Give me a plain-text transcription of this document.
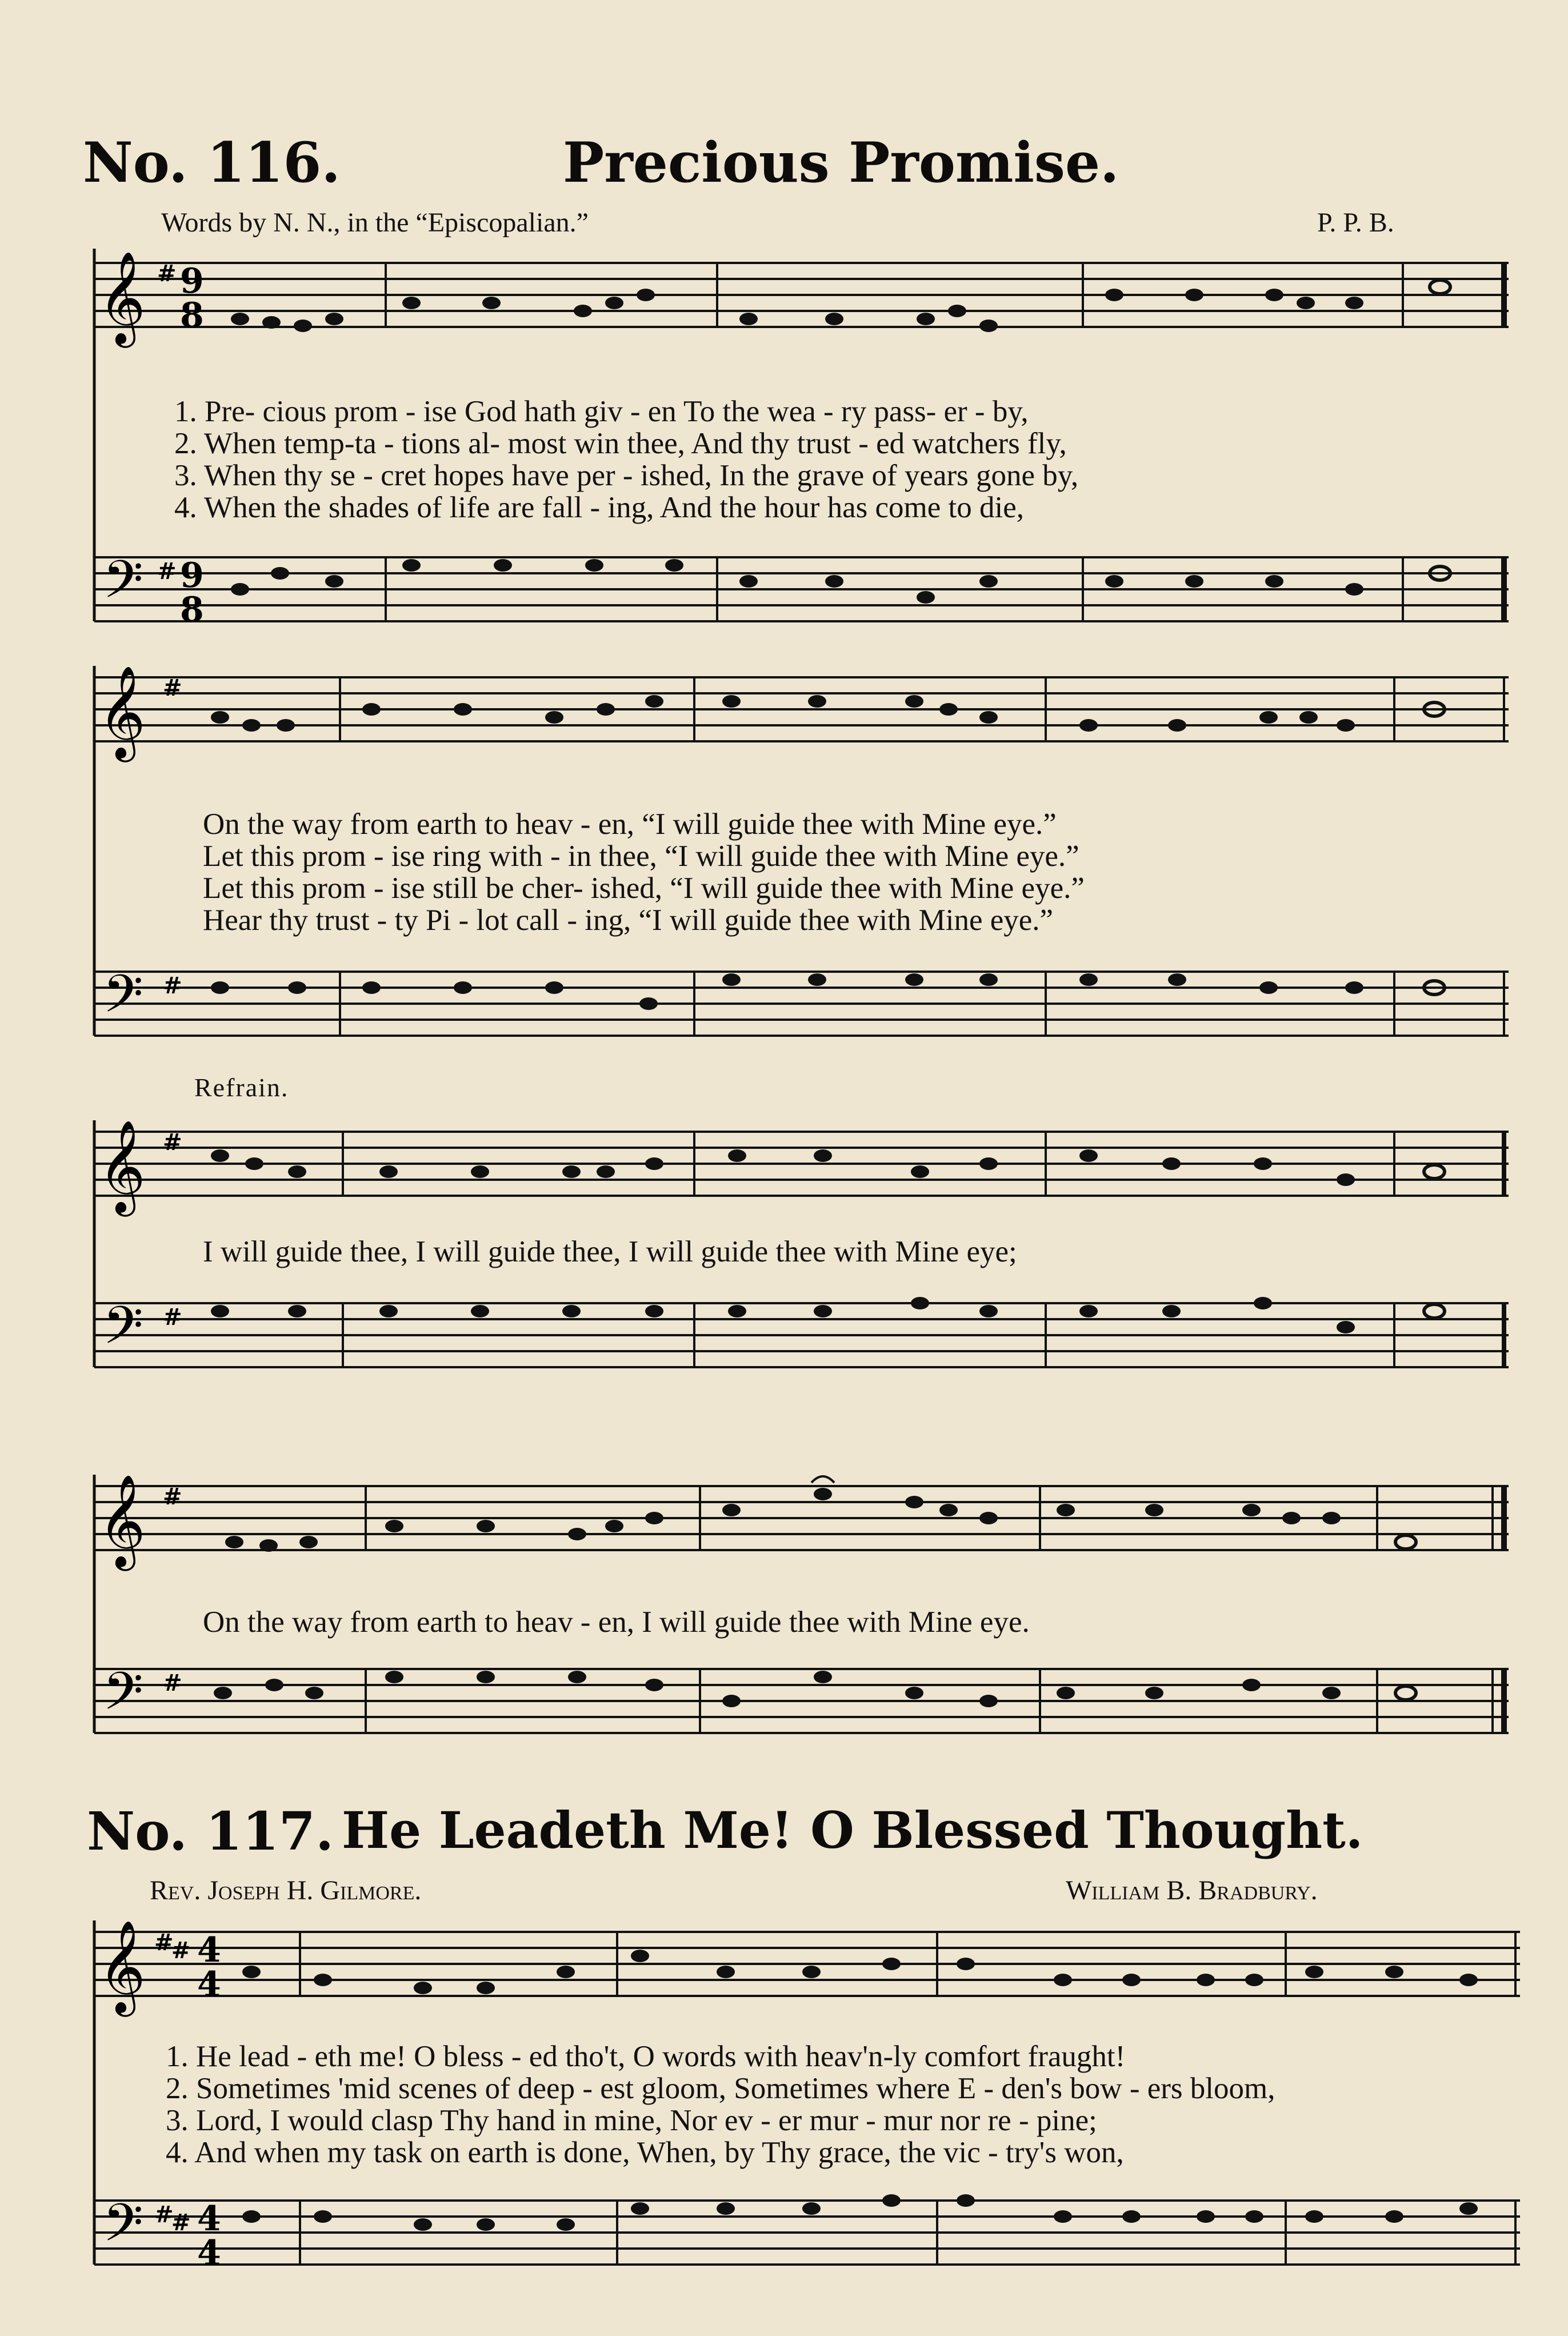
No. 116.	Precious Promise.
Words by N. N., in the “Episcopalian.”	P. P. B.
𝄞 # 9
8
1. Pre- cious prom - ise God hath giv - en To the wea - ry pass- er - by,
2. When temp-ta - tions al- most win thee, And thy trust - ed watchers fly,
3. When thy se - cret hopes have per - ished, In the grave of years gone by,
4. When the shades of life are fall - ing, And the hour has come to die,
𝄢 # 9
8
𝄞 #
On the way from earth to heav - en, “I will guide thee with Mine eye.”
Let this prom - ise ring with - in thee, “I will guide thee with Mine eye.”
Let this prom - ise still be cher- ished, “I will guide thee with Mine eye.”
Hear thy trust - ty Pi - lot call - ing, “I will guide thee with Mine eye.”
𝄢 #
Refrain.
𝄞 #
I will guide thee, I will guide thee, I will guide thee with Mine eye;
𝄢 #
𝄞 #
On the way from earth to heav - en, I will guide thee with Mine eye.
𝄢 #
No. 117. He Leadeth Me! O Blessed Thought.
Rev. Joseph H. Gilmore.	William B. Bradbury.
𝄞 #
# 4
4
1. He lead - eth me! O bless - ed tho't, O words with heav'n-ly comfort fraught!
2. Sometimes 'mid scenes of deep - est gloom, Sometimes where E - den's bow - ers bloom,
3. Lord, I would clasp Thy hand in mine, Nor ev - er mur - mur nor re - pine;
4. And when my task on earth is done, When, by Thy grace, the vic - try's won,
𝄢 #
# 4
4
